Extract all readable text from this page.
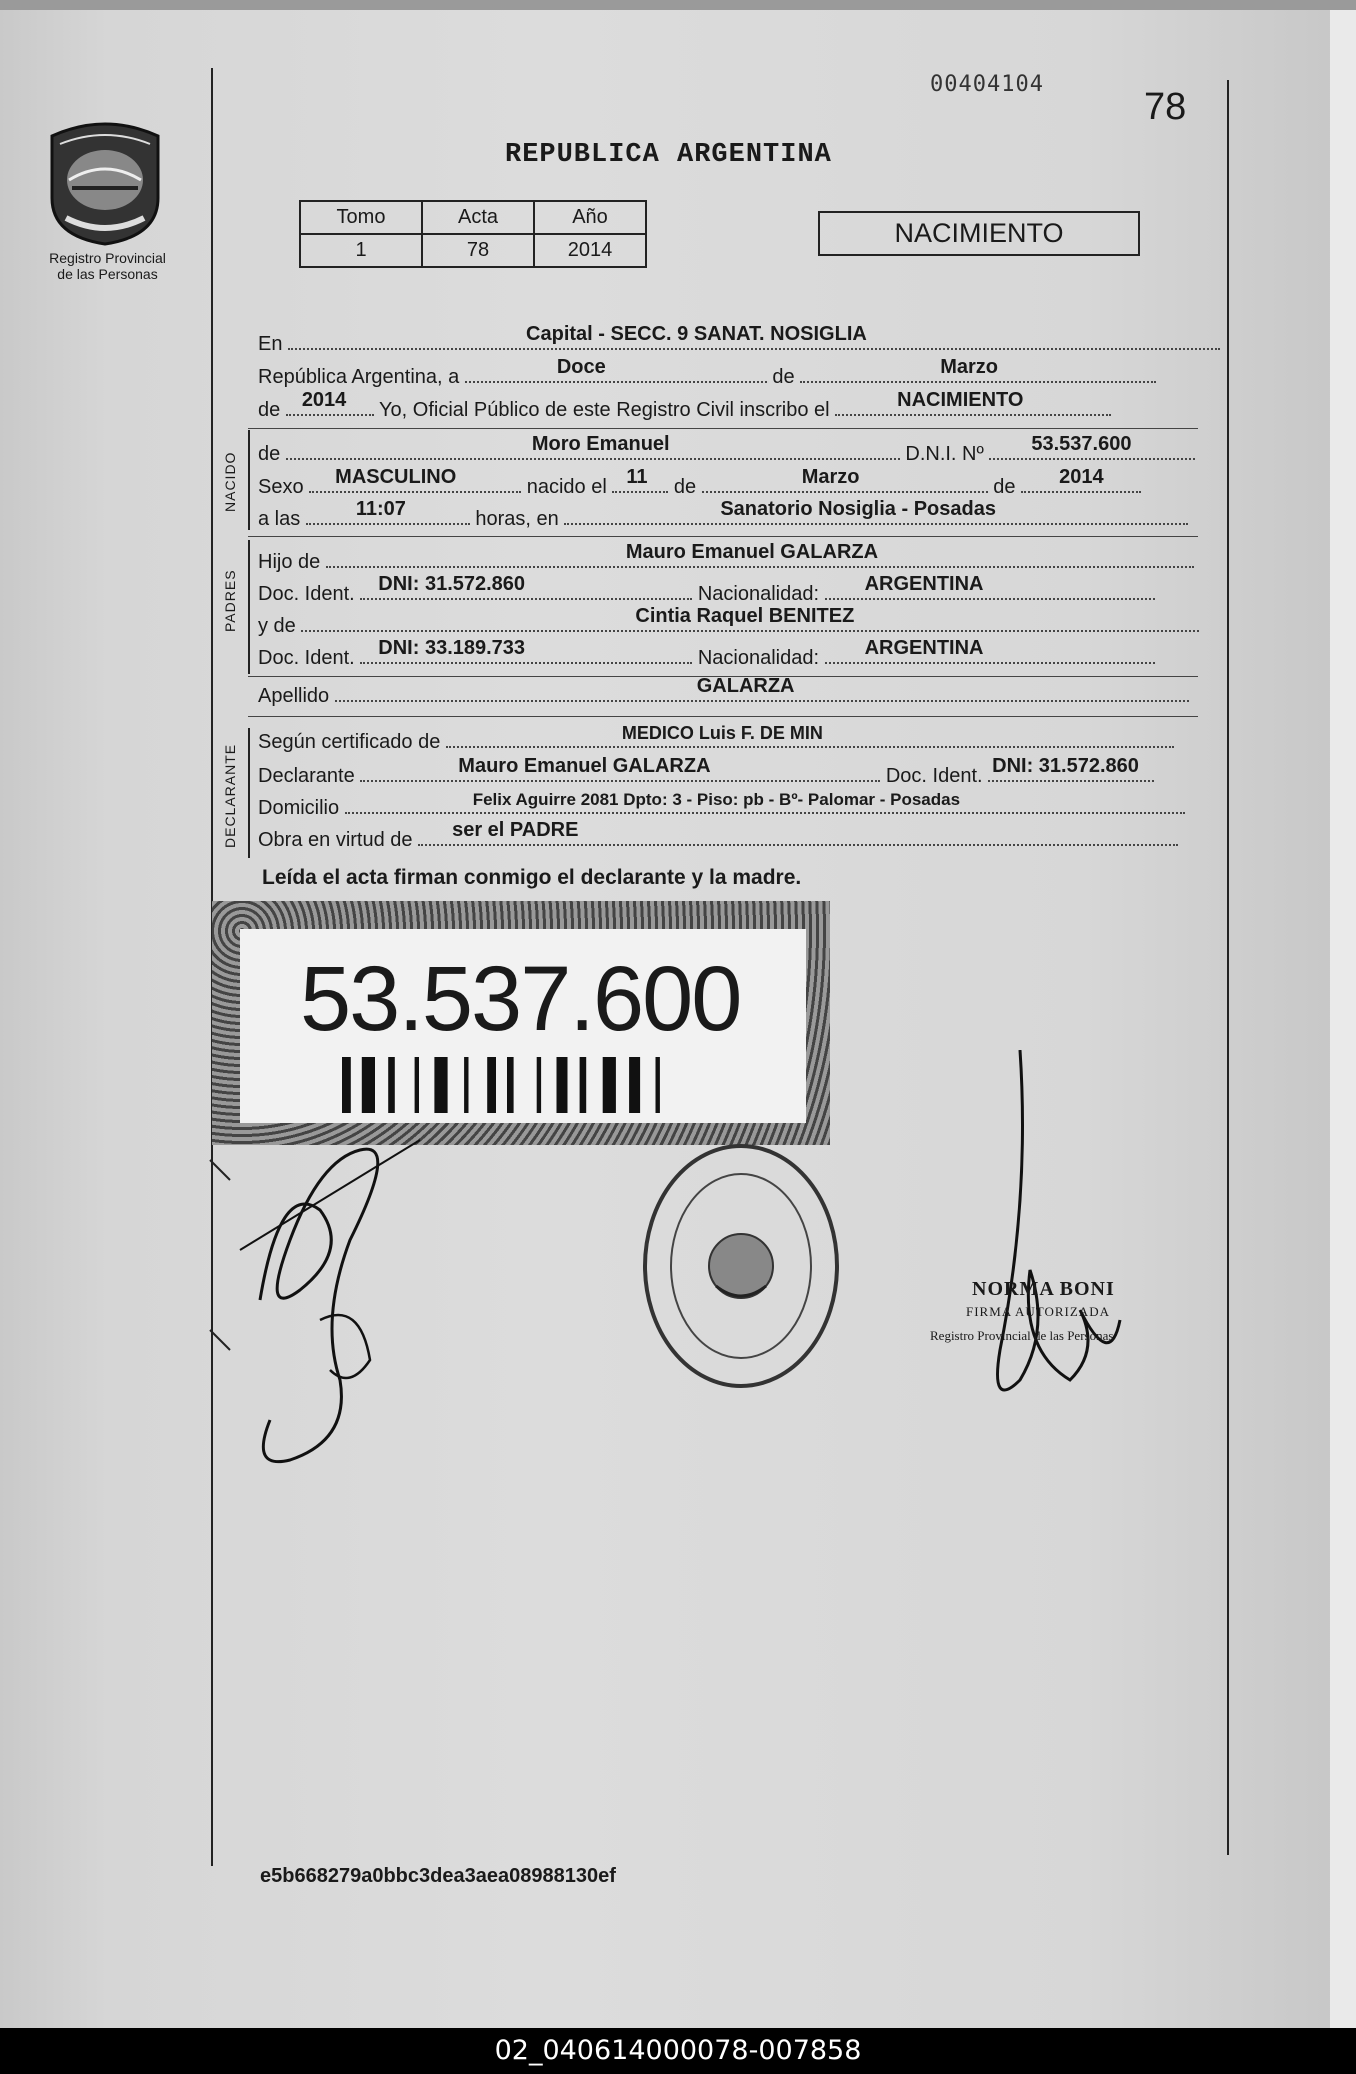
Registro Provincial
de las Personas
00404104
78
REPUBLICA ARGENTINA
Tomo	Acta	Año
1	78	2014
NACIMIENTO
En	Capital - SECC. 9 SANAT. NOSIGLIA
República Argentina, a	Doce	de	Marzo
de 2014 Yo, Oficial Público de este Registro Civil inscribo el	NACIMIENTO
NACIDO de	Moro Emanuel	D.N.I. Nº 53.537.600
Sexo MASCULINO	nacido el 11 de	Marzo	de 2014
a las	11:07	horas, en	Sanatorio Nosiglia - Posadas
PADRES
Hijo de	Mauro Emanuel GALARZA
Doc. Ident. DNI: 31.572.860	Nacionalidad: ARGENTINA
y de	Cintia Raquel BENITEZ
Doc. Ident. DNI: 33.189.733	Nacionalidad: ARGENTINA
Apellido	GALARZA
DECLARANTE
Según certificado de	MEDICO Luis F. DE MIN
Declarante	Mauro Emanuel GALARZA	Doc. Ident. DNI: 31.572.860
Domicilio	Felix Aguirre 2081 Dpto: 3 - Piso: pb - Bº- Palomar - Posadas
Obra en virtud de ser el PADRE
Leída el acta firman conmigo el declarante y la madre.
53.537.600
NORMA BONI
FIRMA AUTORIZADA
Registro Provincial de las Personas
e5b668279a0bbc3dea3aea08988130ef
02_040614000078-007858
